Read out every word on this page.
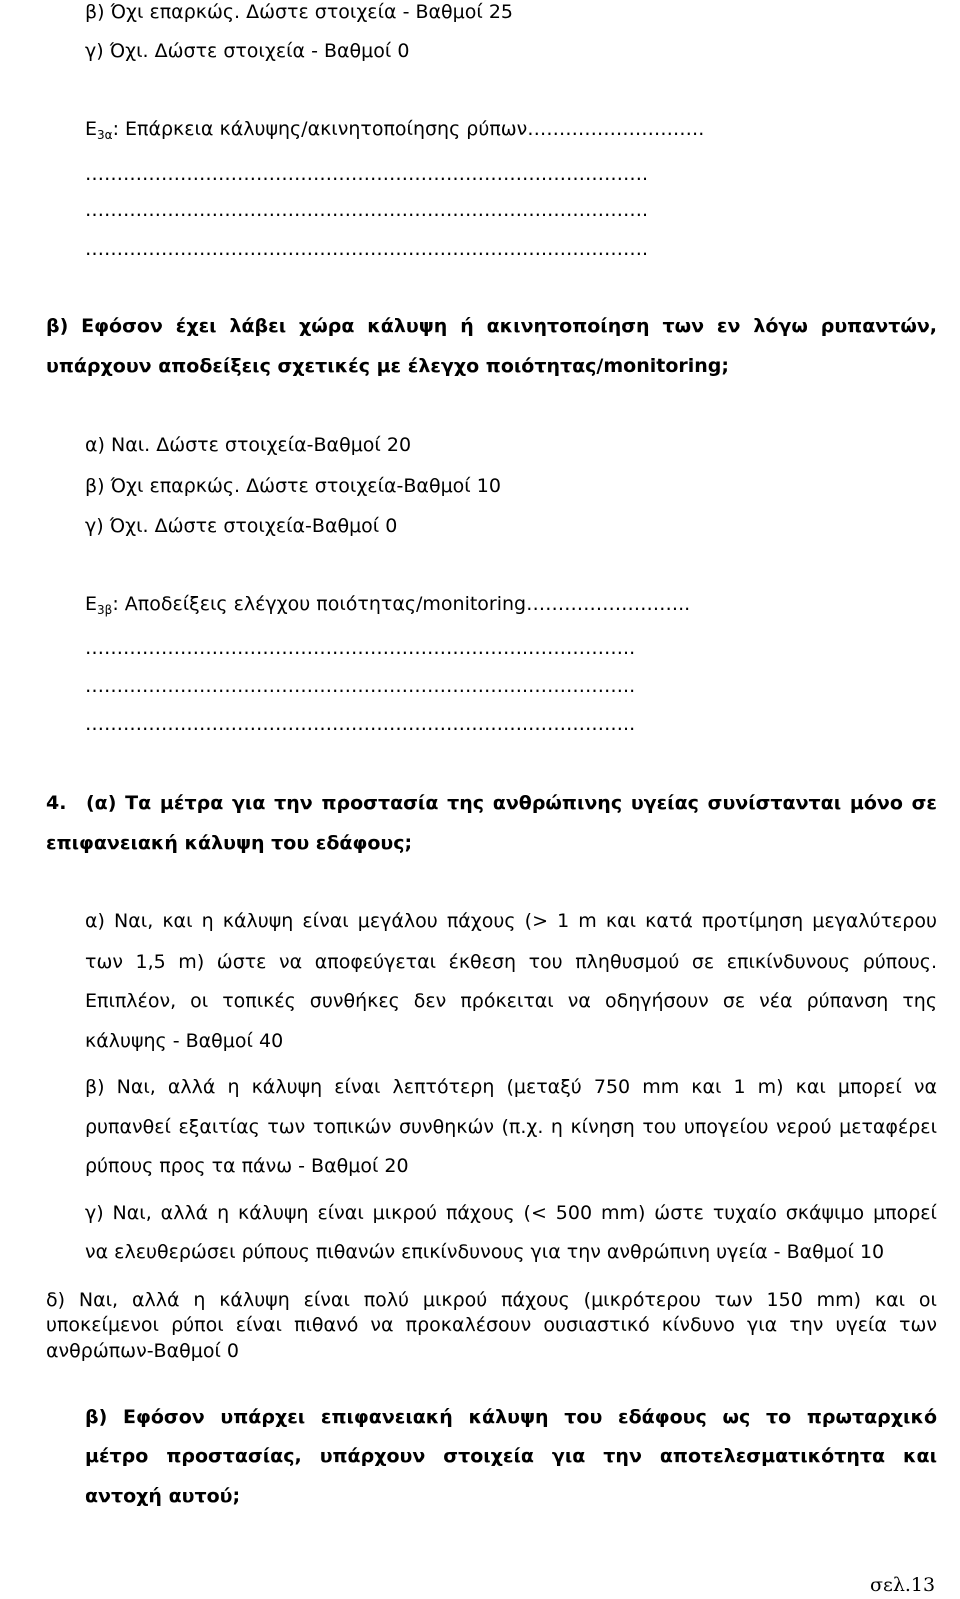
β) Όχι επαρκώς. Δώστε στοιχεία - Βαθμοί 25
γ) Όχι. Δώστε στοιχεία - Βαθμοί 0
$E_{3\alpha}$: Επάρκεια κάλυψης/ακινητοποίησης ρύπων……………………….
……………………………………………………………….…………….
……………………………………………………………….…………….
……………………………………………………………….…………….
β) Εφόσον έχει λάβει χώρα κάλυψη ή ακινητοποίηση των εν λόγω ρυπαντών,
υπάρχουν αποδείξεις σχετικές με έλεγχο ποιότητας/monitoring;
α) Ναι. Δώστε στοιχεία-Βαθμοί 20
β) Όχι επαρκώς. Δώστε στοιχεία-Βαθμοί 10
γ) Όχι. Δώστε στοιχεία-Βαθμοί 0
$E_{3\beta}$: Αποδείξεις ελέγχου ποιότητας/monitoring……………………..
…………………………………………………………….……………..
…………………………………………………………….……………..
…………………………………………………………….……………..
4. (α) Τα μέτρα για την προστασία της ανθρώπινης υγείας συνίστανται μόνο σε
επιφανειακή κάλυψη του εδάφους;
α) Ναι, και η κάλυψη είναι μεγάλου πάχους (> 1 m και κατά προτίμηση μεγαλύτερου
των 1,5 m) ώστε να αποφεύγεται έκθεση του πληθυσμού σε επικίνδυνους ρύπους.
Επιπλέον, οι τοπικές συνθήκες δεν πρόκειται να οδηγήσουν σε νέα ρύπανση της
κάλυψης - Βαθμοί 40
β) Ναι, αλλά η κάλυψη είναι λεπτότερη (μεταξύ 750 mm και 1 m) και μπορεί να
ρυπανθεί εξαιτίας των τοπικών συνθηκών (π.χ. η κίνηση του υπογείου νερού μεταφέρει
ρύπους προς τα πάνω - Βαθμοί 20
γ) Ναι, αλλά η κάλυψη είναι μικρού πάχους (< 500 mm) ώστε τυχαίο σκάψιμο μπορεί
να ελευθερώσει ρύπους πιθανών επικίνδυνους για την ανθρώπινη υγεία - Βαθμοί 10
δ) Ναι, αλλά η κάλυψη είναι πολύ μικρού πάχους (μικρότερου των 150 mm) και οι
υποκείμενοι ρύποι είναι πιθανό να προκαλέσουν ουσιαστικό κίνδυνο για την υγεία των
ανθρώπων-Βαθμοί 0
β) Εφόσον υπάρχει επιφανειακή κάλυψη του εδάφους ως το πρωταρχικό
μέτρο προστασίας, υπάρχουν στοιχεία για την αποτελεσματικότητα και
αντοχή αυτού;
σελ.13
